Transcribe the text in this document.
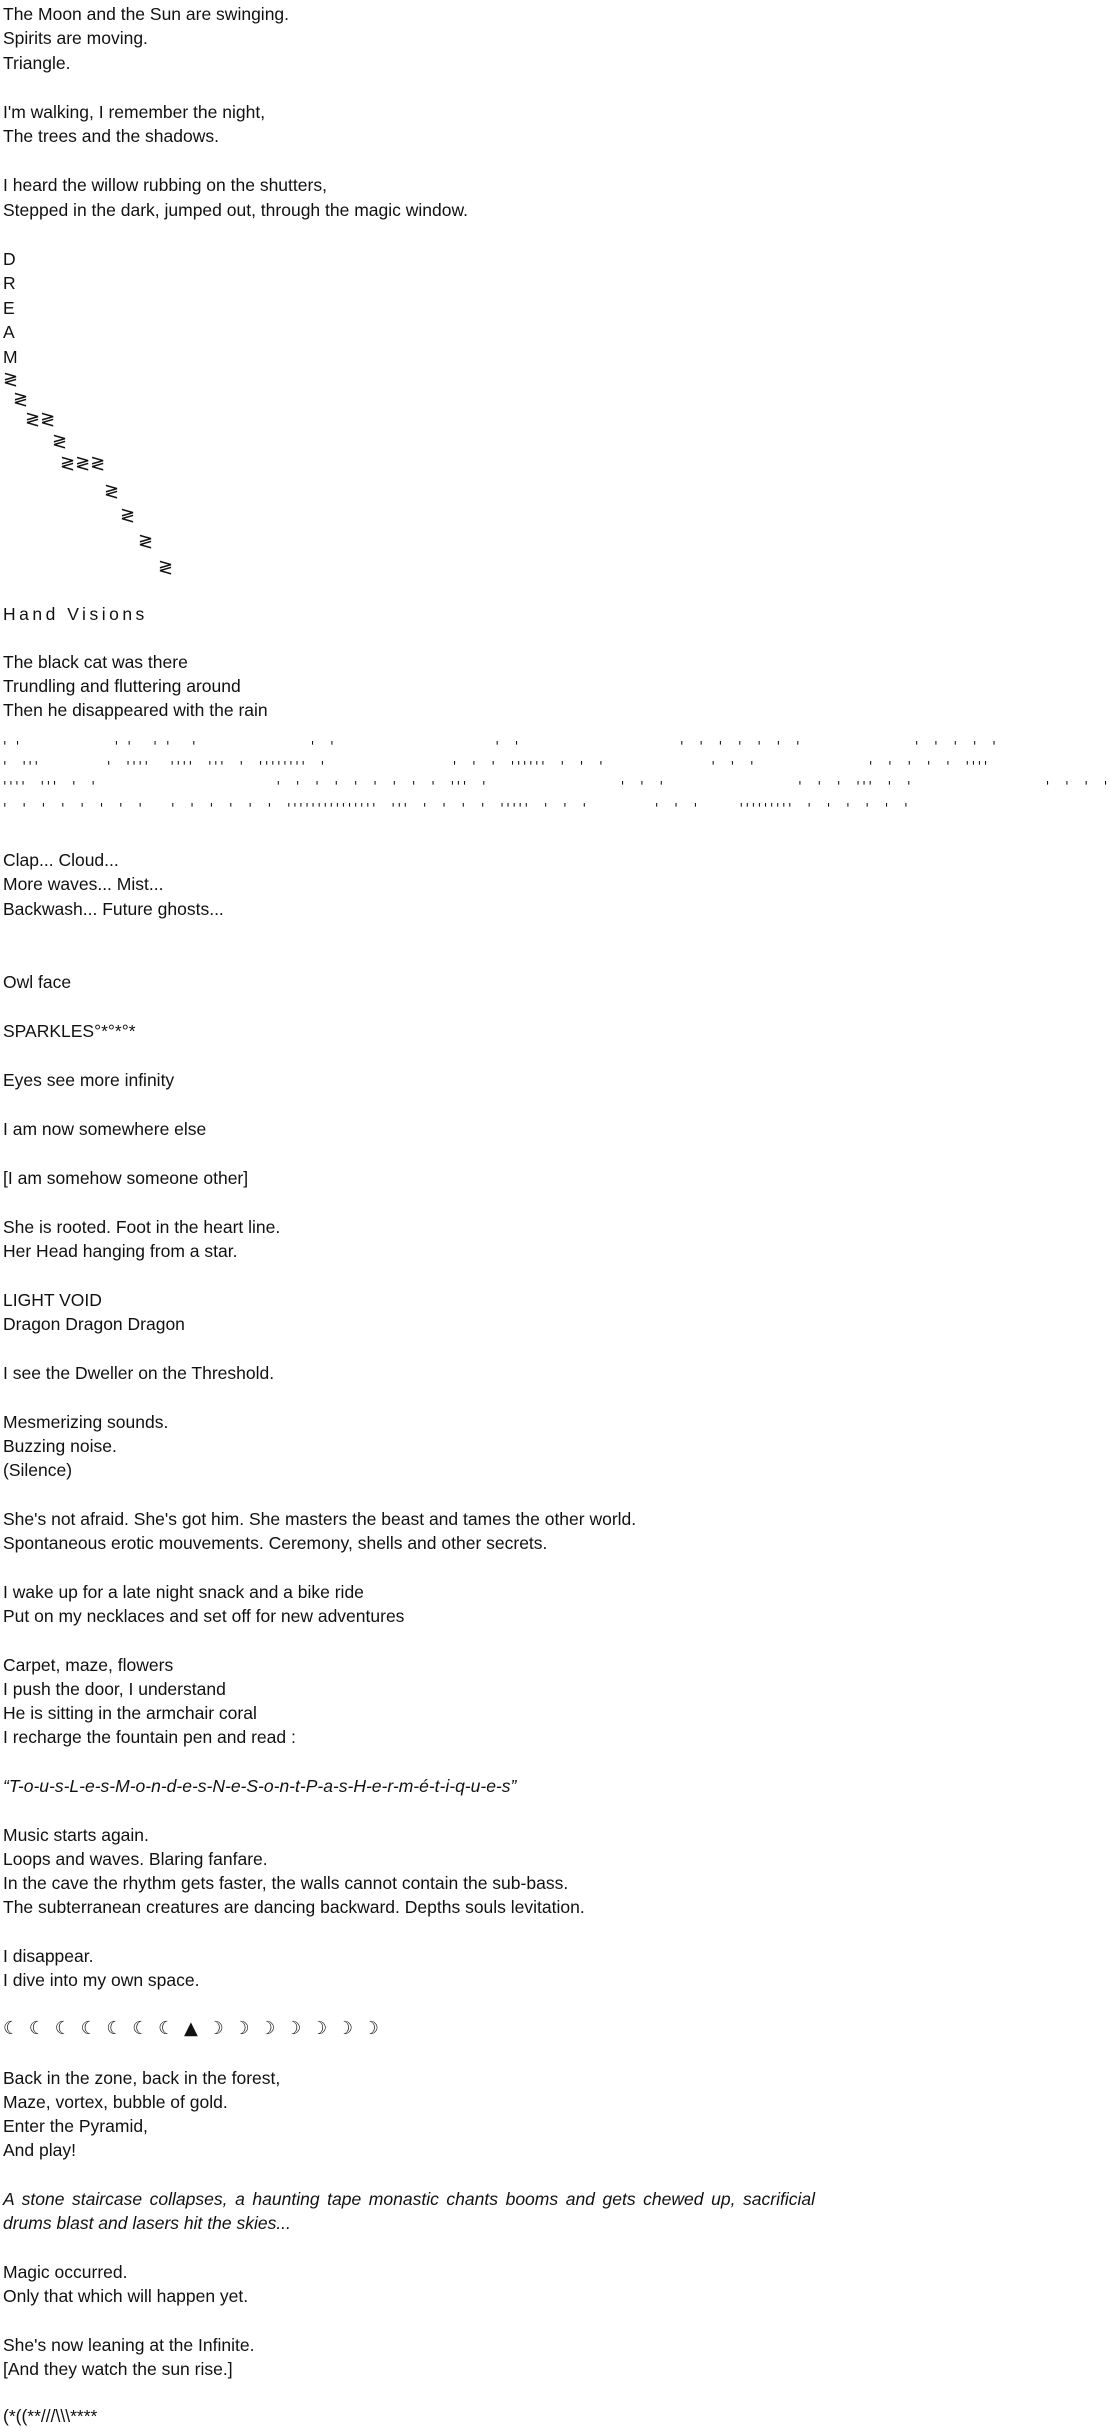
The Moon and the Sun are swinging.
Spirits are moving.
Triangle.
I'm walking, I remember the night,
The trees and the shadows.
I heard the willow rubbing on the shutters,
Stepped in the dark, jumped out, through the magic window.
D
R
E
A
M
≷
≷
≷≷
≷
≷≷≷
≷
≷
≷
≷
Hand Visions
The black cat was there
Trundling and fluttering around
Then he disappeared with the rain
' '              ' '   ' '   '                 '  '                        '  '                        '  '  '  '  '  '  '                 '  '  '  '  '
'  '''          '  ''''   ''''  '''  '  ''''''''  '                   '  '  '  ''''''  '  '  '                '  '  '                 '  '  '  '  '  ''''
''''  '''  '  '                           '  '  '  '  '  '  '  '  '  '''  '                    '  '  '                    '  '  '  '''  '  '                    '  '  '  '
'  '  '  '  '  '  '  '    '  '  '  '  '  '  '''''''''''''''  '''  '  '  '  '  '''''  '  '  '          '  '  '      '''''''''  '  '  '  '  '  '
Clap... Cloud...
More waves... Mist...
Backwash... Future ghosts...
Owl face
SPARKLES°*°*°*
Eyes see more infinity
I am now somewhere else
[I am somehow someone other]
She is rooted. Foot in the heart line.
Her Head hanging from a star.
LIGHT VOID
Dragon Dragon Dragon
I see the Dweller on the Threshold.
Mesmerizing sounds.
Buzzing noise.
(Silence)
She's not afraid. She's got him. She masters the beast and tames the other world.
Spontaneous erotic mouvements. Ceremony, shells and other secrets.
I wake up for a late night snack and a bike ride
Put on my necklaces and set off for new adventures
Carpet, maze, flowers
I push the door, I understand
He is sitting in the armchair coral
I recharge the fountain pen and read :
“T-o-u-s-L-e-s-M-o-n-d-e-s-N-e-S-o-n-t-P-a-s-H-e-r-m-é-t-i-q-u-e-s”
Music starts again.
Loops and waves. Blaring fanfare.
In the cave the rhythm gets faster, the walls cannot contain the sub-bass.
The subterranean creatures are dancing backward. Depths souls levitation.
I disappear.
I dive into my own space.
☾ ☾ ☾ ☾ ☾ ☾ ☾ ▲ ☽ ☽ ☽ ☽ ☽ ☽ ☽
Back in the zone, back in the forest,
Maze, vortex, bubble of gold.
Enter the Pyramid,
And play!
A stone staircase collapses, a haunting tape monastic chants booms and gets chewed up, sacrificial drums blast and lasers hit the skies...
Magic occurred.
Only that which will happen yet.
She's now leaning at the Infinite.
[And they watch the sun rise.]
(*((**///\\\****
